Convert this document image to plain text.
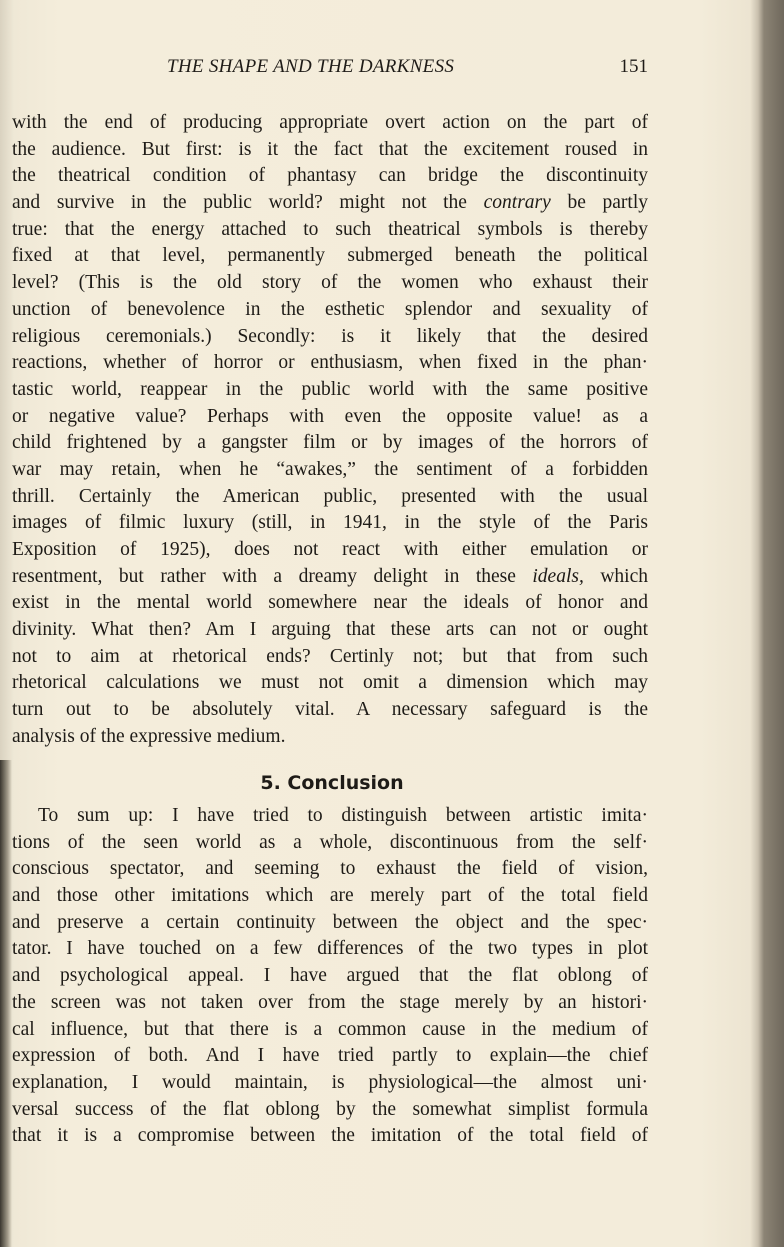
THE SHAPE AND THE DARKNESS	151
with the end of producing appropriate overt action on the part of
the audience. But first: is it the fact that the excitement roused in
the theatrical condition of phantasy can bridge the discontinuity
and survive in the public world? might not the contrary be partly
true: that the energy attached to such theatrical symbols is thereby
fixed at that level, permanently submerged beneath the political
level? (This is the old story of the women who exhaust their
unction of benevolence in the esthetic splendor and sexuality of
religious ceremonials.) Secondly: is it likely that the desired
reactions, whether of horror or enthusiasm, when fixed in the phan·
tastic world, reappear in the public world with the same positive
or negative value? Perhaps with even the opposite value! as a
child frightened by a gangster film or by images of the horrors of
war may retain, when he “awakes,” the sentiment of a forbidden
thrill. Certainly the American public, presented with the usual
images of filmic luxury (still, in 1941, in the style of the Paris
Exposition of 1925), does not react with either emulation or
resentment, but rather with a dreamy delight in these ideals, which
exist in the mental world somewhere near the ideals of honor and
divinity. What then? Am I arguing that these arts can not or ought
not to aim at rhetorical ends? Certinly not; but that from such
rhetorical calculations we must not omit a dimension which may
turn out to be absolutely vital. A necessary safeguard is the
analysis of the expressive medium.
5. Conclusion
To sum up: I have tried to distinguish between artistic imita·
tions of the seen world as a whole, discontinuous from the self·
conscious spectator, and seeming to exhaust the field of vision,
and those other imitations which are merely part of the total field
and preserve a certain continuity between the object and the spec·
tator. I have touched on a few differences of the two types in plot
and psychological appeal. I have argued that the flat oblong of
the screen was not taken over from the stage merely by an histori·
cal influence, but that there is a common cause in the medium of
expression of both. And I have tried partly to explain—the chief
explanation, I would maintain, is physiological—the almost uni·
versal success of the flat oblong by the somewhat simplist formula
that it is a compromise between the imitation of the total field of
